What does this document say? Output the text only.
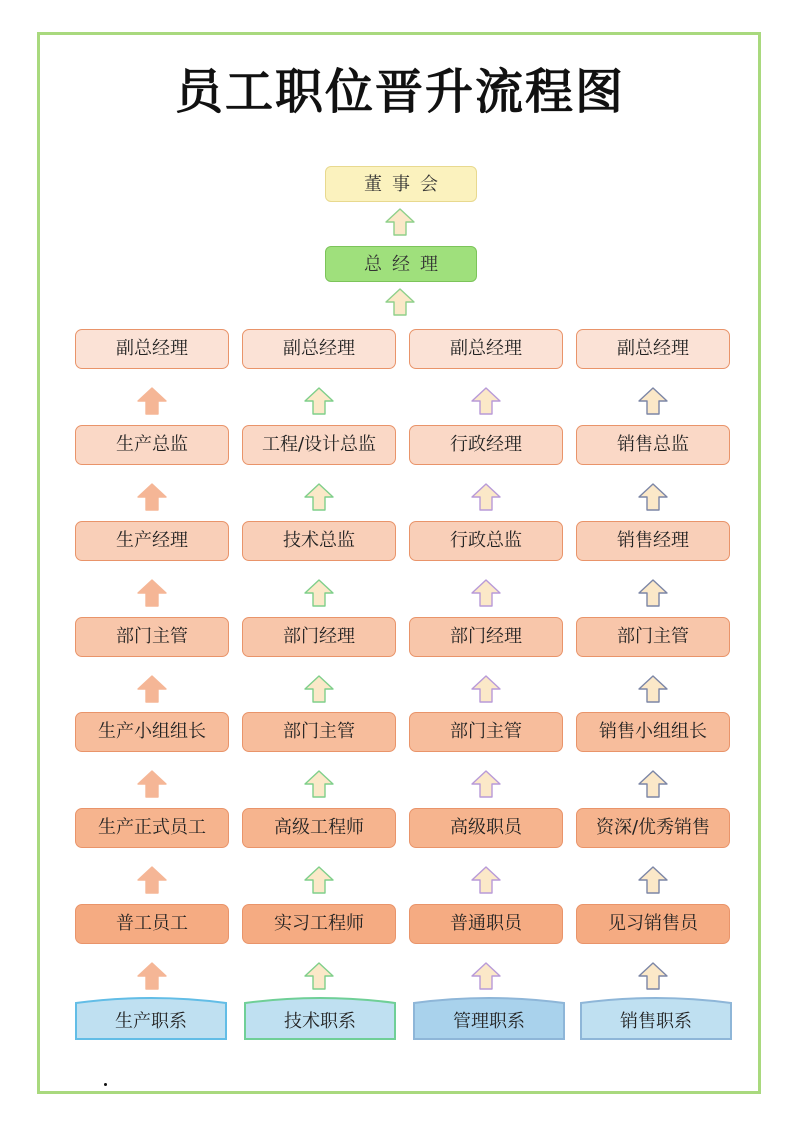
员工职位晋升流程图
董事会
总经理
副总经理
生产总监
生产经理
部门主管
生产小组组长
生产正式员工
普工员工
生产职系
副总经理
工程/设计总监
技术总监
部门经理
部门主管
高级工程师
实习工程师
技术职系
副总经理
行政经理
行政总监
部门经理
部门主管
高级职员
普通职员
管理职系
副总经理
销售总监
销售经理
部门主管
销售小组组长
资深/优秀销售
见习销售员
销售职系
